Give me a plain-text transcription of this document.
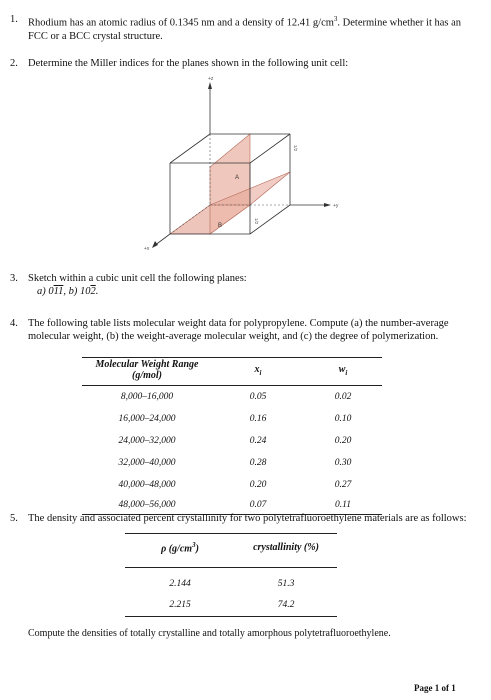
1. Rhodium has an atomic radius of 0.1345 nm and a density of 12.41 $g/cm^3$. Determine whether it has an FCC or a BCC crystal structure.
2. Determine the Miller indices for the planes shown in the following unit cell:
+z
+y
+x
A
B
1/2
1/2
3. Sketch within a cubic unit cell the following planes:
a) 011, b) 102.
4. The following table lists molecular weight data for polypropylene. Compute (a) the number-average molecular weight, (b) the weight-average molecular weight, and (c) the degree of polymerization.
Molecular Weight Range (g/mol)	$x_i$	$w_i$
8,000–16,000	0.05	0.02
16,000–24,000	0.16	0.10
24,000–32,000	0.24	0.20
32,000–40,000	0.28	0.30
40,000–48,000	0.20	0.27
48,000–56,000	0.07	0.11
5. The density and associated percent crystallinity for two polytetrafluoroethylene materials are as follows:
ρ $(g/cm^3)$	crystallinity (%)
2.144	51.3
2.215	74.2
Compute the densities of totally crystalline and totally amorphous polytetrafluoroethylene.
Page 1 of 1
